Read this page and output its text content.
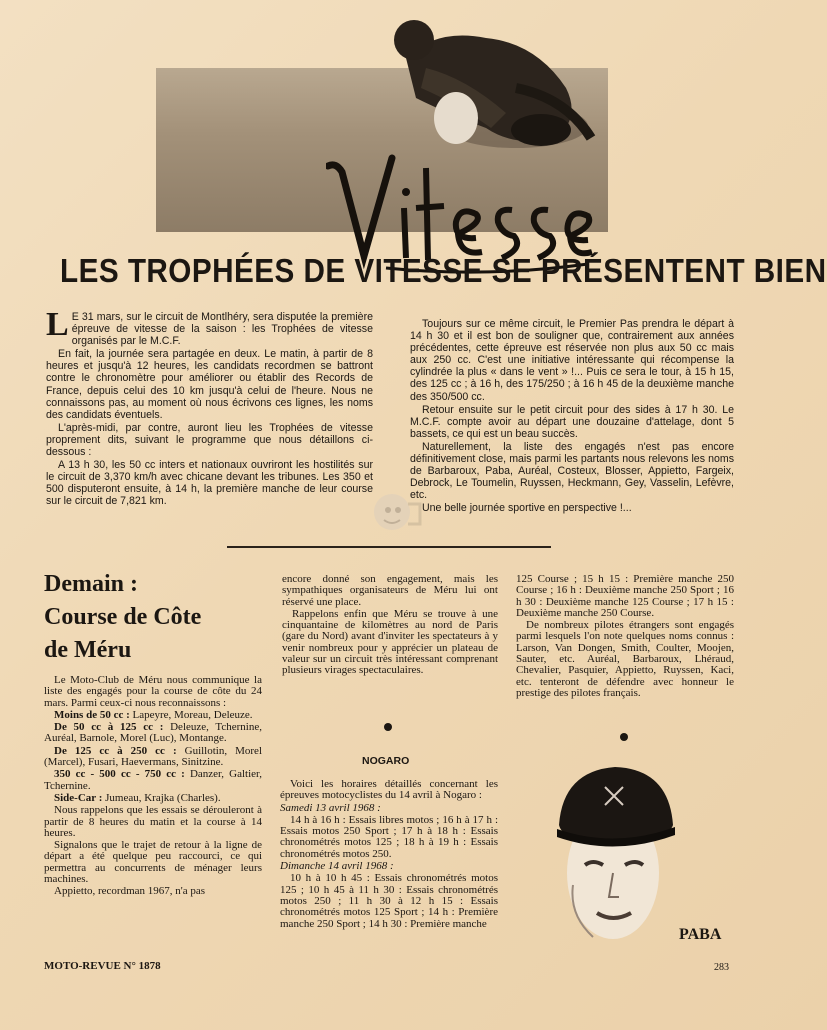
LES TROPHÉES DE VITESSE SE PRÉSENTENT BIEN

L E 31 mars, sur le circuit de Montlhéry, sera disputée la première épreuve de vitesse de la saison : les Trophées de vitesse organisés par le M.C.F.

En fait, la journée sera partagée en deux. Le matin, à partir de 8 heures et jusqu'à 12 heures, les candidats recordmen se battront contre le chronomètre pour améliorer ou établir des Records de France, depuis celui des 10 km jusqu'à celui de l'heure. Nous ne connaissons pas, au moment où nous écrivons ces lignes, les noms des candidats éventuels.

L'après-midi, par contre, auront lieu les Trophées de vitesse proprement dits, suivant le programme que nous détaillons ci-dessous :

A 13 h 30, les 50 cc inters et nationaux ouvriront les hostilités sur le circuit de 3,370 km/h avec chicane devant les tribunes. Les 350 et 500 disputeront ensuite, à 14 h, la première manche de leur course sur le circuit de 7,821 km.

Toujours sur ce même circuit, le Premier Pas prendra le départ à 14 h 30 et il est bon de souligner que, contrairement aux années précédentes, cette épreuve est réservée non plus aux 50 cc mais aux 250 cc. C'est une initiative intéressante qui récompense la cylindrée la plus « dans le vent » !... Puis ce sera le tour, à 15 h 15, des 125 cc ; à 16 h, des 175/250 ; à 16 h 45 de la deuxième manche des 350/500 cc.

Retour ensuite sur le petit circuit pour des sides à 17 h 30. Le M.C.F. compte avoir au départ une douzaine d'attelage, dont 5 bassets, ce qui est un beau succès.

Naturellement, la liste des engagés n'est pas encore définitivement close, mais parmi les partants nous relevons les noms de Barbaroux, Paba, Auréal, Costeux, Blosser, Appietto, Fargeix, Debrock, Le Toumelin, Ruyssen, Heckmann, Gey, Vasselin, Lefèvre, etc.

Une belle journée sportive en perspective !...

Demain :
Course de Côte
de Méru

Le Moto-Club de Méru nous communique la liste des engagés pour la course de côte du 24 mars. Parmi ceux-ci nous reconnaissons :

Moins de 50 cc : Lapeyre, Moreau, Deleuze.

De 50 cc à 125 cc : Deleuze, Tchernine, Auréal, Barnole, Morel (Luc), Montange.

De 125 cc à 250 cc : Guillotin, Morel (Marcel), Fusari, Haevermans, Sinitzine.

350 cc - 500 cc - 750 cc : Danzer, Galtier, Tchernine.

Side-Car : Jumeau, Krajka (Charles).

Nous rappelons que les essais se dérouleront à partir de 8 heures du matin et la course à 14 heures.

Signalons que le trajet de retour à la ligne de départ a été quelque peu raccourci, ce qui permettra au concurrents de ménager leurs machines.

Appietto, recordman 1967, n'a pas

encore donné son engagement, mais les sympathiques organisateurs de Méru lui ont réservé une place.

Rappelons enfin que Méru se trouve à une cinquantaine de kilomètres au nord de Paris (gare du Nord) avant d'inviter les spectateurs à y venir nombreux pour y apprécier un plateau de valeur sur un circuit très intéressant comprenant plusieurs virages spectaculaires.

NOGARO

Voici les horaires détaillés concernant les épreuves motocyclistes du 14 avril à Nogaro :

Samedi 13 avril 1968 :

14 h à 16 h : Essais libres motos ; 16 h à 17 h : Essais motos 250 Sport ; 17 h à 18 h : Essais chronométrés motos 125 ; 18 h à 19 h : Essais chronométrés motos 250.

Dimanche 14 avril 1968 :

10 h à 10 h 45 : Essais chronométrés motos 125 ; 10 h 45 à 11 h 30 : Essais chronométrés motos 250 ; 11 h 30 à 12 h 15 : Essais chronométrés motos 125 Sport ; 14 h : Première manche 250 Sport ; 14 h 30 : Première manche

125 Course ; 15 h 15 : Première manche 250 Course ; 16 h : Deuxième manche 250 Sport ; 16 h 30 : Deuxième manche 125 Course ; 17 h 15 : Deuxième manche 250 Course.

De nombreux pilotes étrangers sont engagés parmi lesquels l'on note quelques noms connus : Larson, Van Dongen, Smith, Coulter, Moojen, Sauter, etc. Auréal, Barbaroux, Lhéraud, Chevalier, Pasquier, Appietto, Ruyssen, Kaci, etc. tenteront de défendre avec honneur le prestige des pilotes français.

PABA
MOTO-REVUE N° 1878	283
